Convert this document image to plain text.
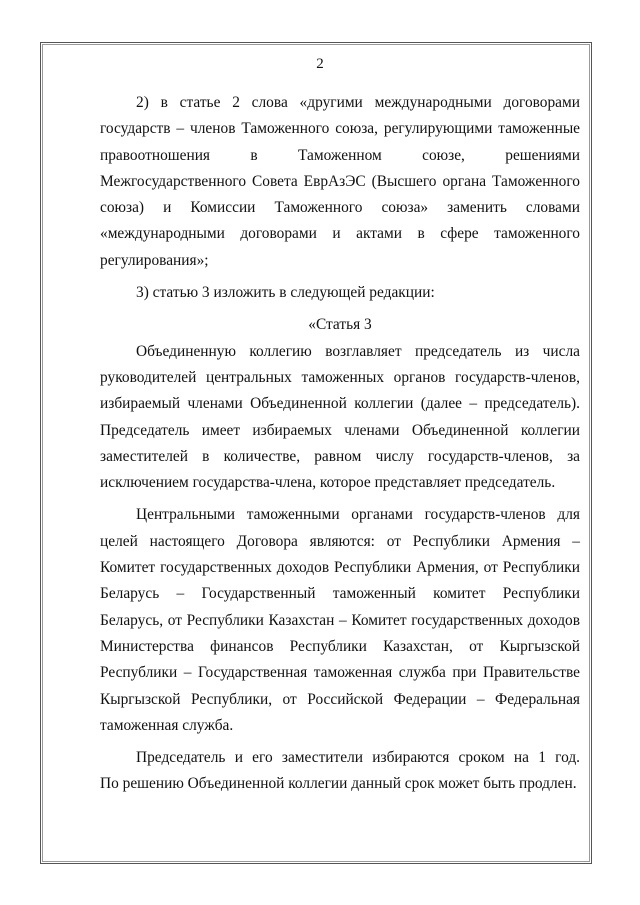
2

2) в статье 2 слова «другими международными договорами
государств – членов Таможенного союза, регулирующими таможенные
правоотношения в Таможенном союзе, решениями
Межгосударственного Совета ЕврАзЭС (Высшего органа Таможенного
союза) и Комиссии Таможенного союза» заменить словами
«международными договорами и актами в сфере таможенного
регулирования»;

3) статью 3 изложить в следующей редакции:

«Статья 3

Объединенную коллегию возглавляет председатель из числа
руководителей центральных таможенных органов государств-членов,
избираемый членами Объединенной коллегии (далее – председатель).
Председатель имеет избираемых членами Объединенной коллегии
заместителей в количестве, равном числу государств-членов, за
исключением государства-члена, которое представляет председатель.

Центральными таможенными органами государств-членов для
целей настоящего Договора являются: от Республики Армения –
Комитет государственных доходов Республики Армения, от Республики
Беларусь – Государственный таможенный комитет Республики
Беларусь, от Республики Казахстан – Комитет государственных доходов
Министерства финансов Республики Казахстан, от Кыргызской
Республики – Государственная таможенная служба при Правительстве
Кыргызской Республики, от Российской Федерации – Федеральная
таможенная служба.

Председатель и его заместители избираются сроком на 1 год.
По решению Объединенной коллегии данный срок может быть продлен.
